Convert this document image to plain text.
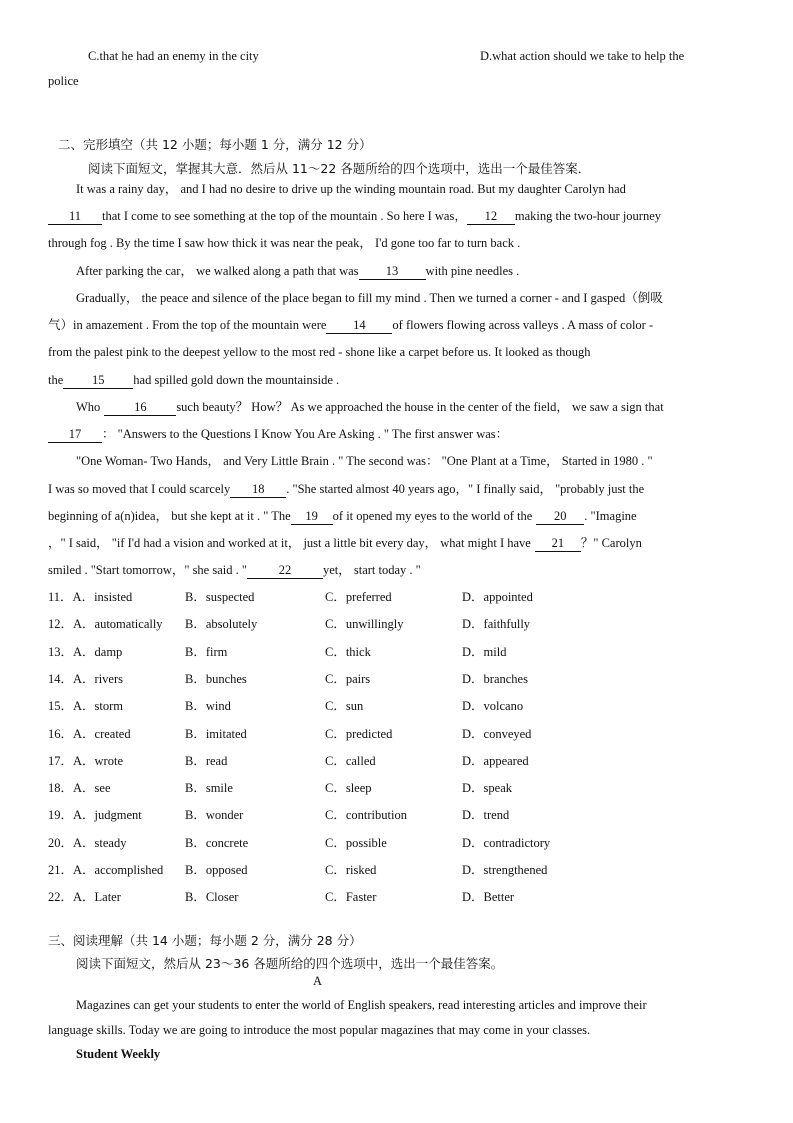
C.that he had an enemy in the city	D.what action should we take to help the
police
二、完形填空（共 12 小题；每小题 1 分，满分 12 分）
阅读下面短文，掌握其大意．然后从 11～22 各题所给的四个选项中，选出一个最佳答案．
It was a rainy day， and I had no desire to drive up the winding mountain road. But my daughter Carolyn had
11 that I come to see something at the top of the mountain . So here I was， 12 making the two-hour journey
through fog . By the time I saw how thick it was near the peak， I'd gone too far to turn back .
After parking the car， we walked along a path that was 13 with pine needles .
Gradually， the peace and silence of the place began to fill my mind . Then we turned a corner - and I gasped（倒吸
气）in amazement . From the top of the mountain were 14 of flowers flowing across valleys . A mass of color -
from the palest pink to the deepest yellow to the most red - shone like a carpet before us. It looked as though
the 15 had spilled gold down the mountainside .
Who	16 such beauty？ How？ As we approached the house in the center of the field， we saw a sign that
17 ： "Answers to the Questions I Know You Are Asking . " The first answer was：
"One Woman- Two Hands， and Very Little Brain . " The second was： "One Plant at a Time， Started in 1980 . "
I was so moved that I could scarcely 18 . "She started almost 40 years ago，" I finally said， "probably just the
beginning of a(n)idea， but she kept at it . " The 19 of it opened my eyes to the world of the 20 . "Imagine
，" I said， "if I'd had a vision and worked at it， just a little bit every day， what might I have 21 ？" Carolyn
smiled . "Start tomorrow，" she said . "	22	yet， start today . "
11．A．insisted	B．suspected	C．preferred	D．appointed
12．A．automatically B．absolutely	C．unwillingly	D．faithfully
13．A．damp	B．firm	C．thick	D．mild
14．A．rivers	B．bunches	C．pairs	D．branches
15．A．storm	B．wind	C．sun	D．volcano
16．A．created	B．imitated	C．predicted	D．conveyed
17．A．wrote	B．read	C．called	D．appeared
18．A．see	B．smile	C．sleep	D．speak
19．A．judgment	B．wonder	C．contribution	D．trend
20．A．steady	B．concrete	C．possible	D．contradictory
21．A．accomplished B．opposed	C．risked	D．strengthened
22．A．Later	B．Closer	C．Faster	D．Better
三、阅读理解（共 14 小题；每小题 2 分，满分 28 分）
阅读下面短文，然后从 23～36 各题所给的四个选项中，选出一个最佳答案。
A
Magazines can get your students to enter the world of English speakers, read interesting articles and improve their
language skills. Today we are going to introduce the most popular magazines that may come in your classes.
Student Weekly
